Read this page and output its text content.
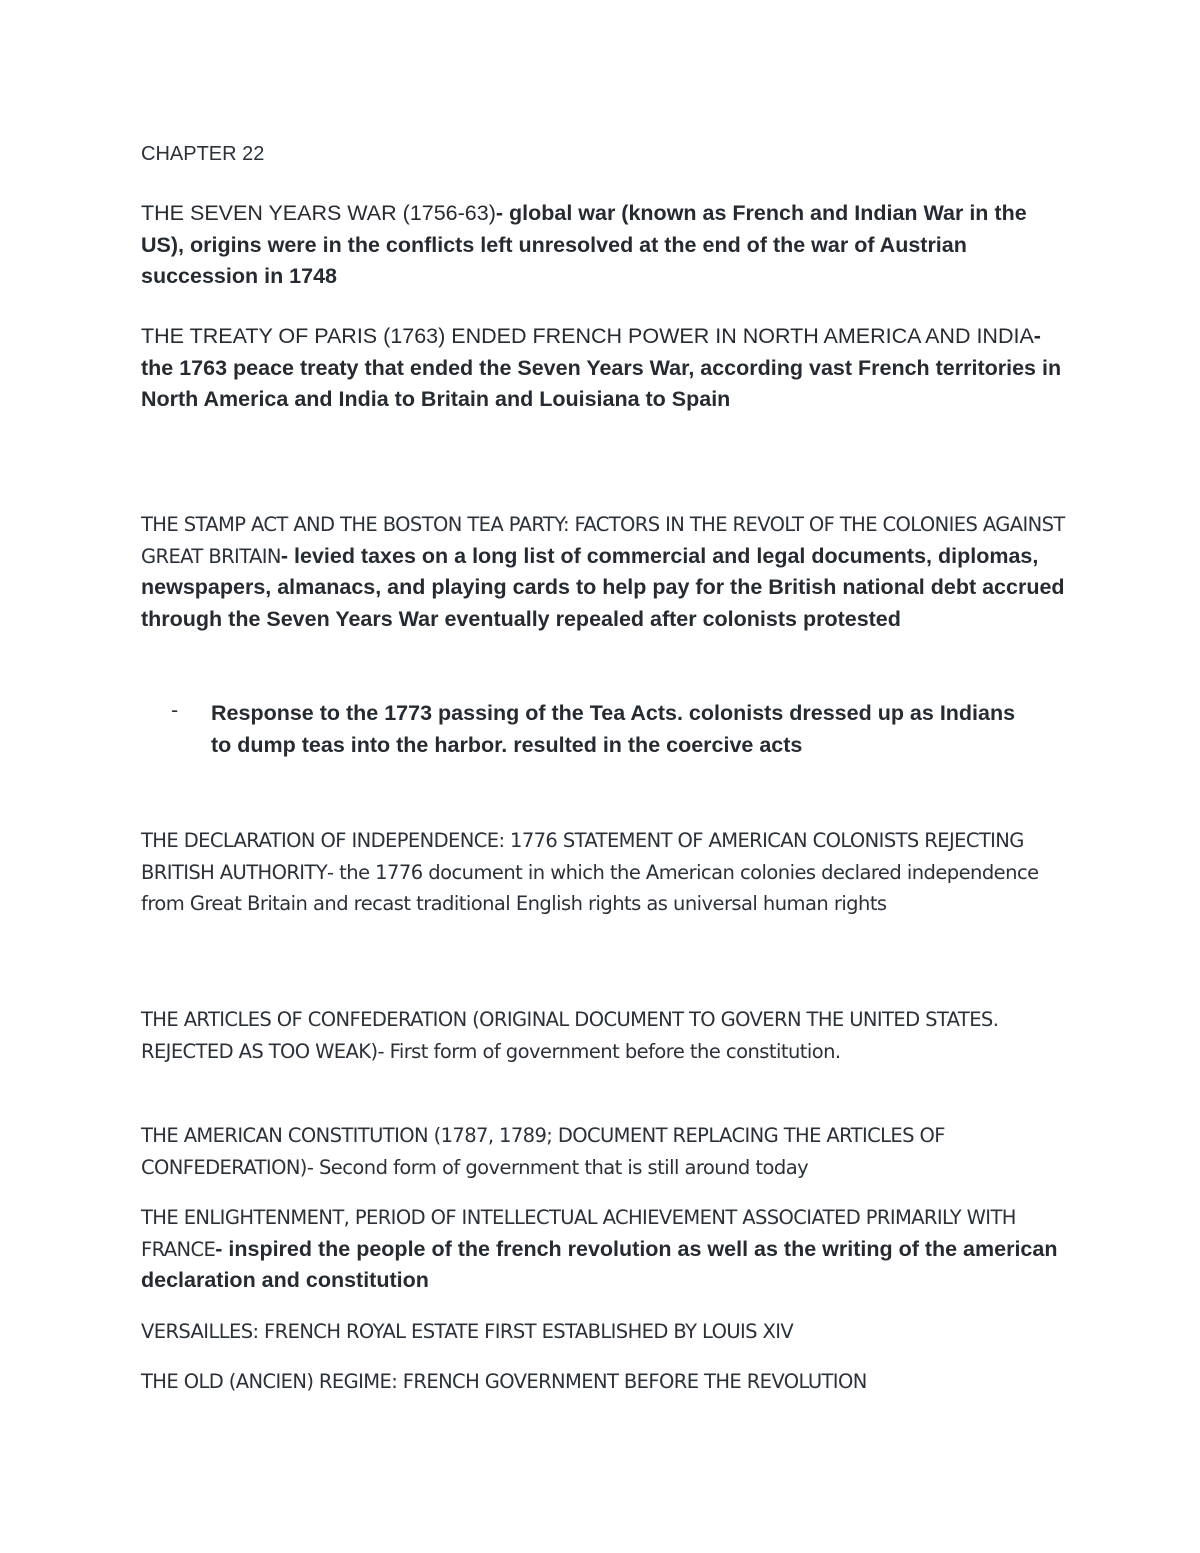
CHAPTER 22

THE SEVEN YEARS WAR (1756-63)- global war (known as French and Indian War in the US), origins were in the conflicts left unresolved at the end of the war of Austrian succession in 1748

THE TREATY OF PARIS (1763) ENDED FRENCH POWER IN NORTH AMERICA AND INDIA- the 1763 peace treaty that ended the Seven Years War, according vast French territories in North America and India to Britain and Louisiana to Spain

THE STAMP ACT AND THE BOSTON TEA PARTY: FACTORS IN THE REVOLT OF THE COLONIES AGAINST GREAT BRITAIN- levied taxes on a long list of commercial and legal documents, diplomas, newspapers, almanacs, and playing cards to help pay for the British national debt accrued through the Seven Years War eventually repealed after colonists protested

- Response to the 1773 passing of the Tea Acts. colonists dressed up as Indians to dump teas into the harbor. resulted in the coercive acts

THE DECLARATION OF INDEPENDENCE: 1776 STATEMENT OF AMERICAN COLONISTS REJECTING BRITISH AUTHORITY- the 1776 document in which the American colonies declared independence from Great Britain and recast traditional English rights as universal human rights

THE ARTICLES OF CONFEDERATION (ORIGINAL DOCUMENT TO GOVERN THE UNITED STATES. REJECTED AS TOO WEAK)- First form of government before the constitution.

THE AMERICAN CONSTITUTION (1787, 1789; DOCUMENT REPLACING THE ARTICLES OF CONFEDERATION)- Second form of government that is still around today

THE ENLIGHTENMENT, PERIOD OF INTELLECTUAL ACHIEVEMENT ASSOCIATED PRIMARILY WITH FRANCE- inspired the people of the french revolution as well as the writing of the american declaration and constitution

VERSAILLES: FRENCH ROYAL ESTATE FIRST ESTABLISHED BY LOUIS XIV

THE OLD (ANCIEN) REGIME: FRENCH GOVERNMENT BEFORE THE REVOLUTION
